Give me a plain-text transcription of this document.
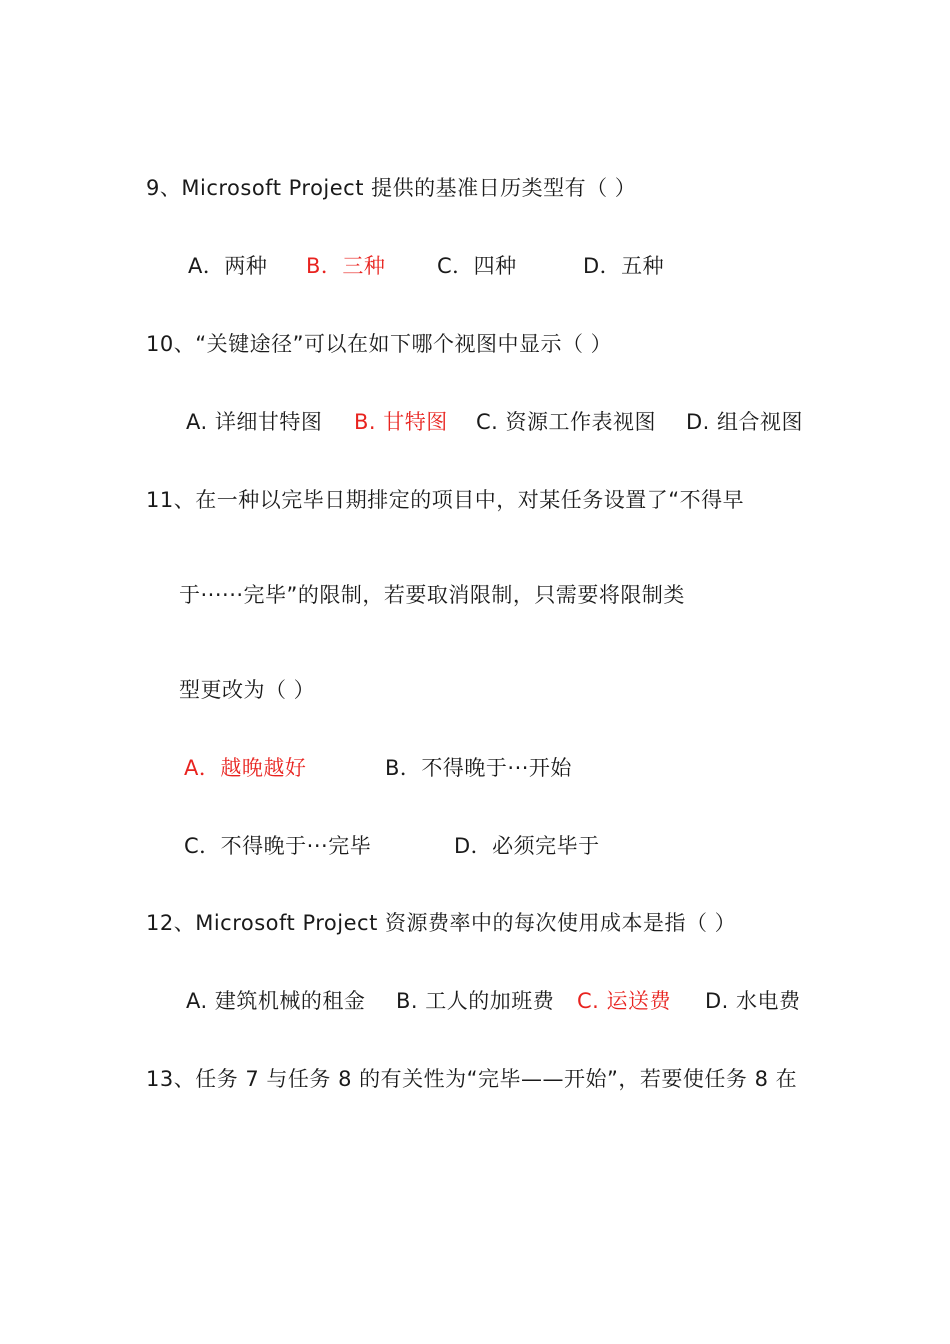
9、Microsoft Project 提供的基准日历类型有（ ）
A．两种 B．三种 C．四种	D．五种
10、“关键途径”可以在如下哪个视图中显示（ ）
A. 详细甘特图 B. 甘特图 C. 资源工作表视图 D. 组合视图
11、在一种以完毕日期排定的项目中，对某任务设置了“不得早
于······完毕”的限制，若要取消限制，只需要将限制类
型更改为（ ）
A．越晚越好	B．不得晚于···开始
C．不得晚于···完毕	D．必须完毕于
12、Microsoft Project 资源费率中的每次使用成本是指（ ）
A. 建筑机械的租金 B. 工人的加班费 C. 运送费 D. 水电费
13、任务 7 与任务 8 的有关性为“完毕——开始”，若要使任务 8 在
